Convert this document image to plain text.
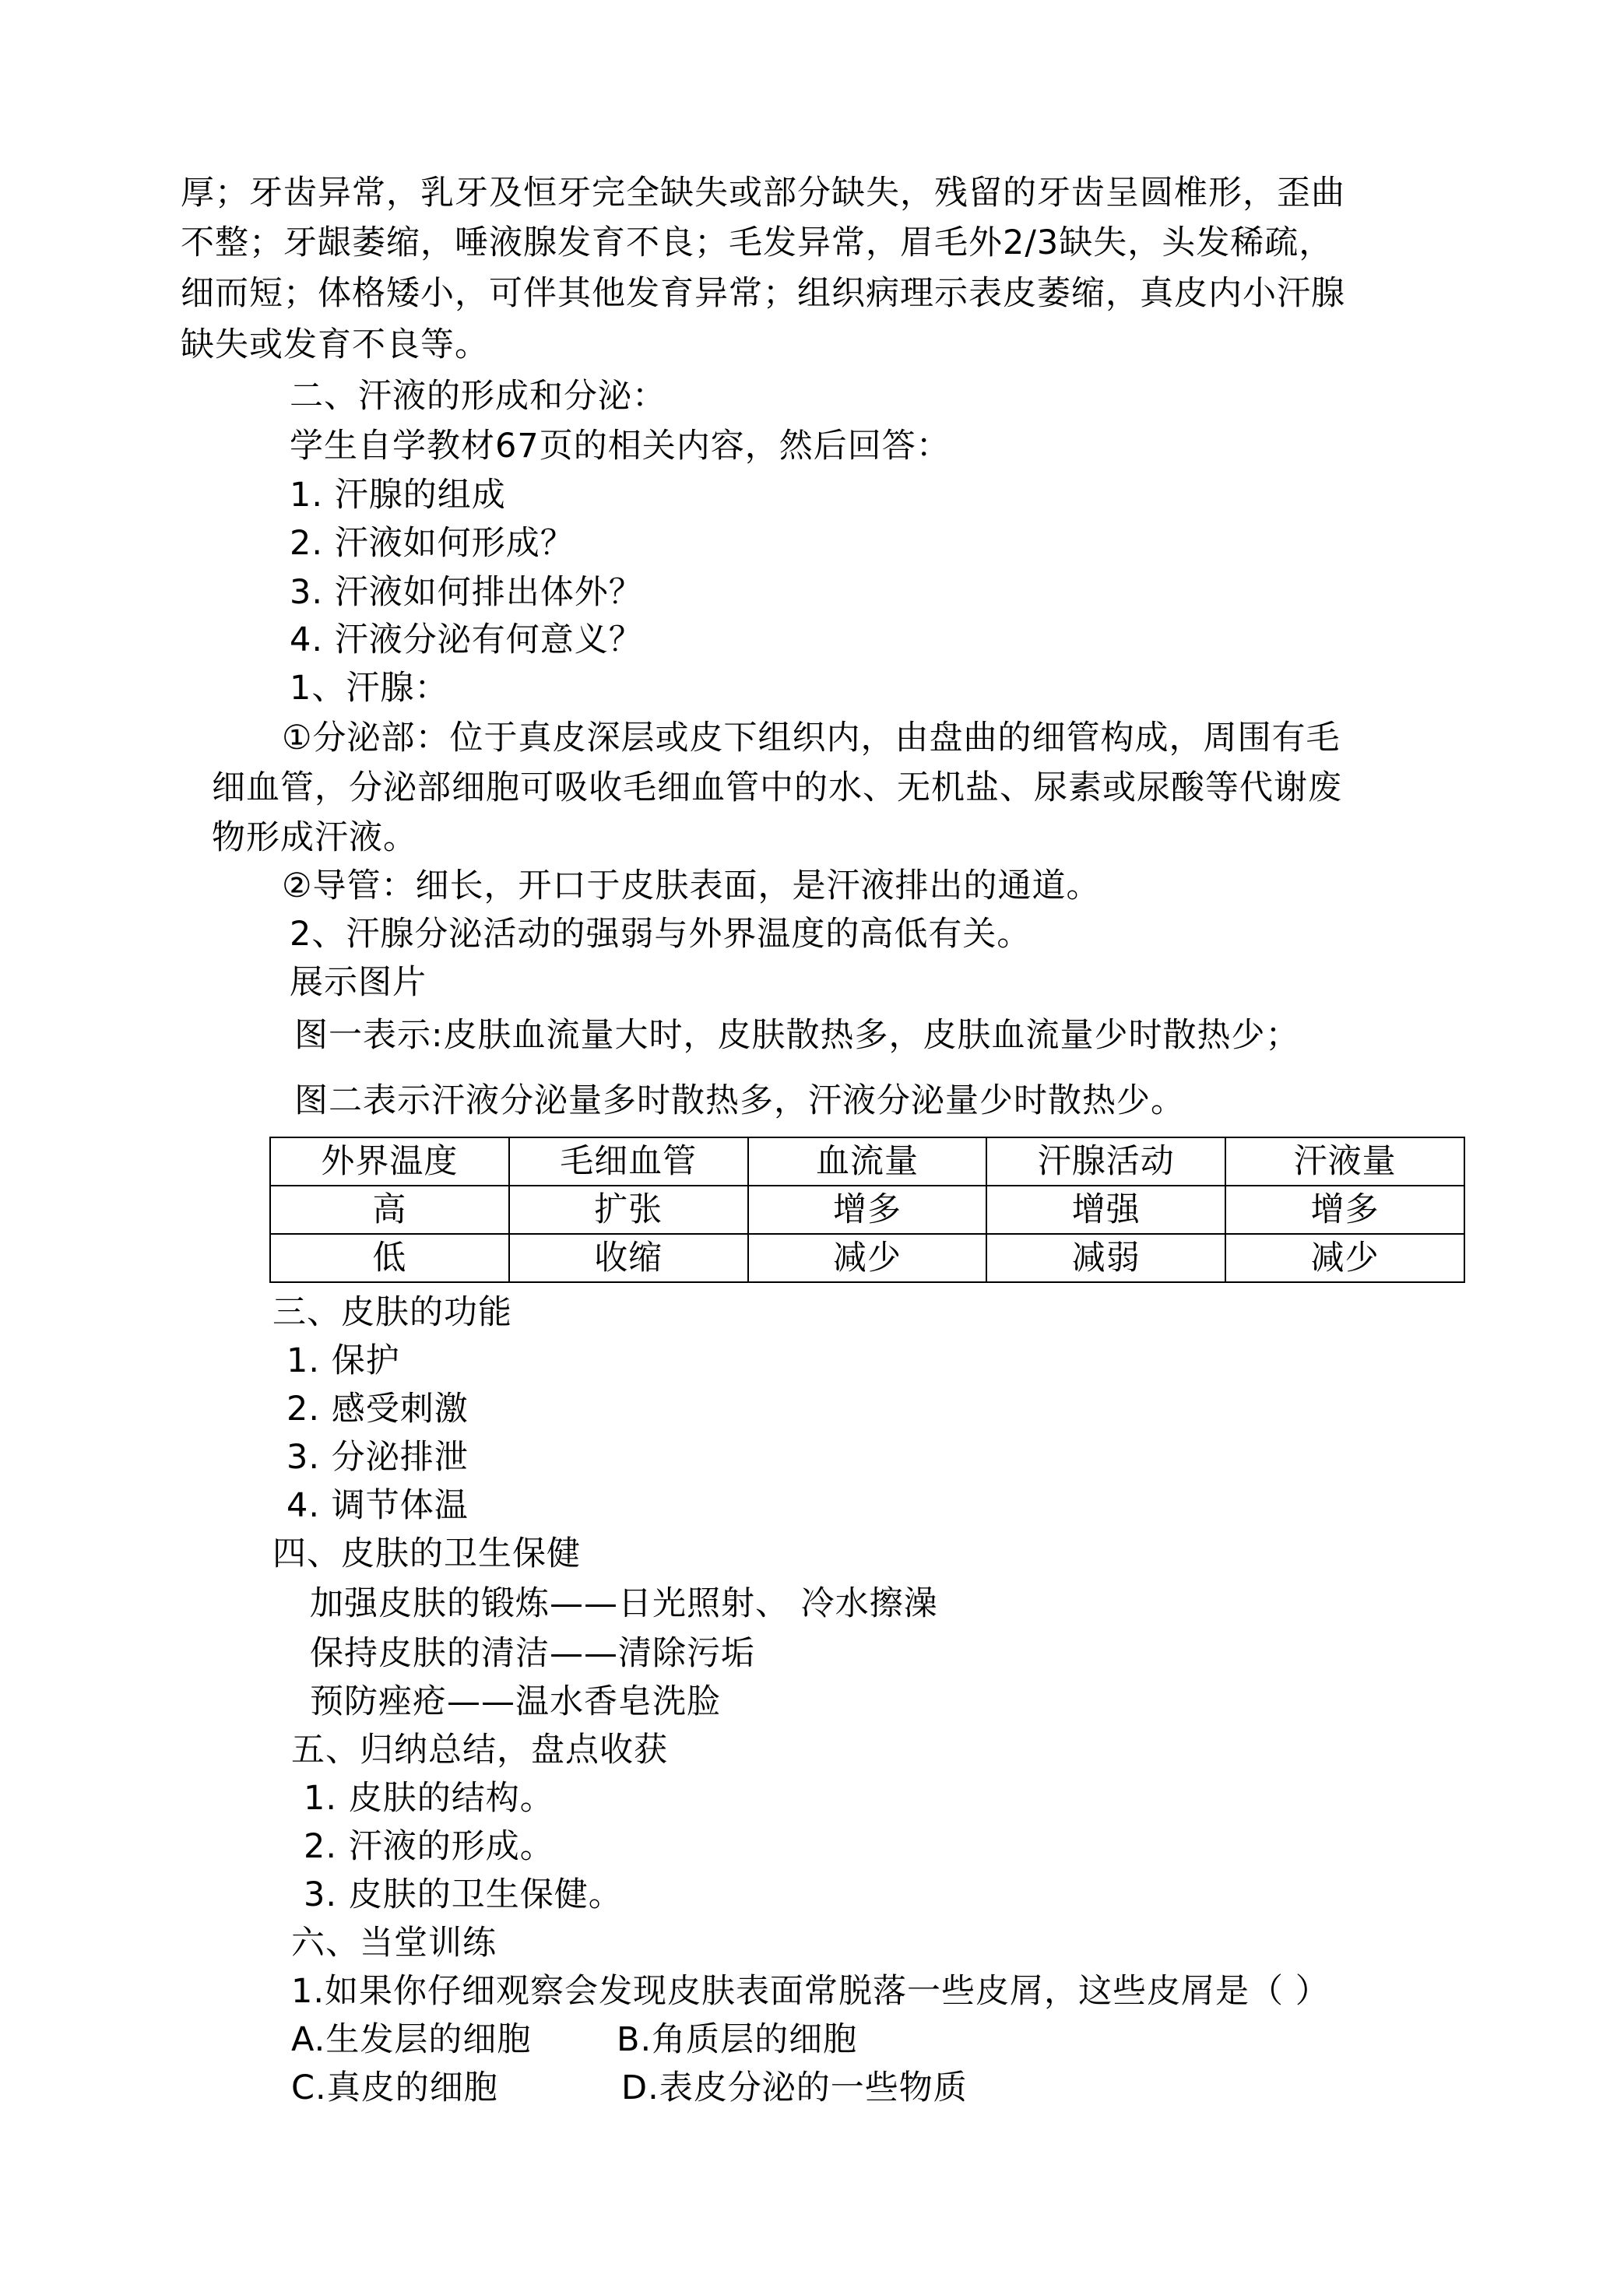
厚；牙齿异常，乳牙及恒牙完全缺失或部分缺失，残留的牙齿呈圆椎形，歪曲
不整；牙龈萎缩，唾液腺发育不良；毛发异常，眉毛外2/3缺失，头发稀疏，
细而短；体格矮小，可伴其他发育异常；组织病理示表皮萎缩，真皮内小汗腺
缺失或发育不良等。
二、汗液的形成和分泌：
学生自学教材67页的相关内容，然后回答：
1. 汗腺的组成
2. 汗液如何形成？
3. 汗液如何排出体外？
4. 汗液分泌有何意义？
1、汗腺：
①分泌部：位于真皮深层或皮下组织内，由盘曲的细管构成，周围有毛
细血管，分泌部细胞可吸收毛细血管中的水、无机盐、尿素或尿酸等代谢废
物形成汗液。
②导管：细长，开口于皮肤表面，是汗液排出的通道。
2、汗腺分泌活动的强弱与外界温度的高低有关。
展示图片
图一表示:皮肤血流量大时，皮肤散热多，皮肤血流量少时散热少；
图二表示汗液分泌量多时散热多，汗液分泌量少时散热少。
外界温度	毛细血管	血流量	汗腺活动	汗液量
高	扩张	增多	增强	增多
低	收缩	减少	减弱	减少
三、皮肤的功能
1. 保护
2. 感受刺激
3. 分泌排泄
4. 调节体温
四、皮肤的卫生保健
加强皮肤的锻炼——日光照射、 冷水擦澡
保持皮肤的清洁——清除污垢
预防痤疮——温水香皂洗脸
五、归纳总结，盘点收获
1. 皮肤的结构。
2. 汗液的形成。
3. 皮肤的卫生保健。
六、当堂训练
1.如果你仔细观察会发现皮肤表面常脱落一些皮屑，这些皮屑是（ ）
A.生发层的细胞	B.角质层的细胞
C.真皮的细胞	D.表皮分泌的一些物质
